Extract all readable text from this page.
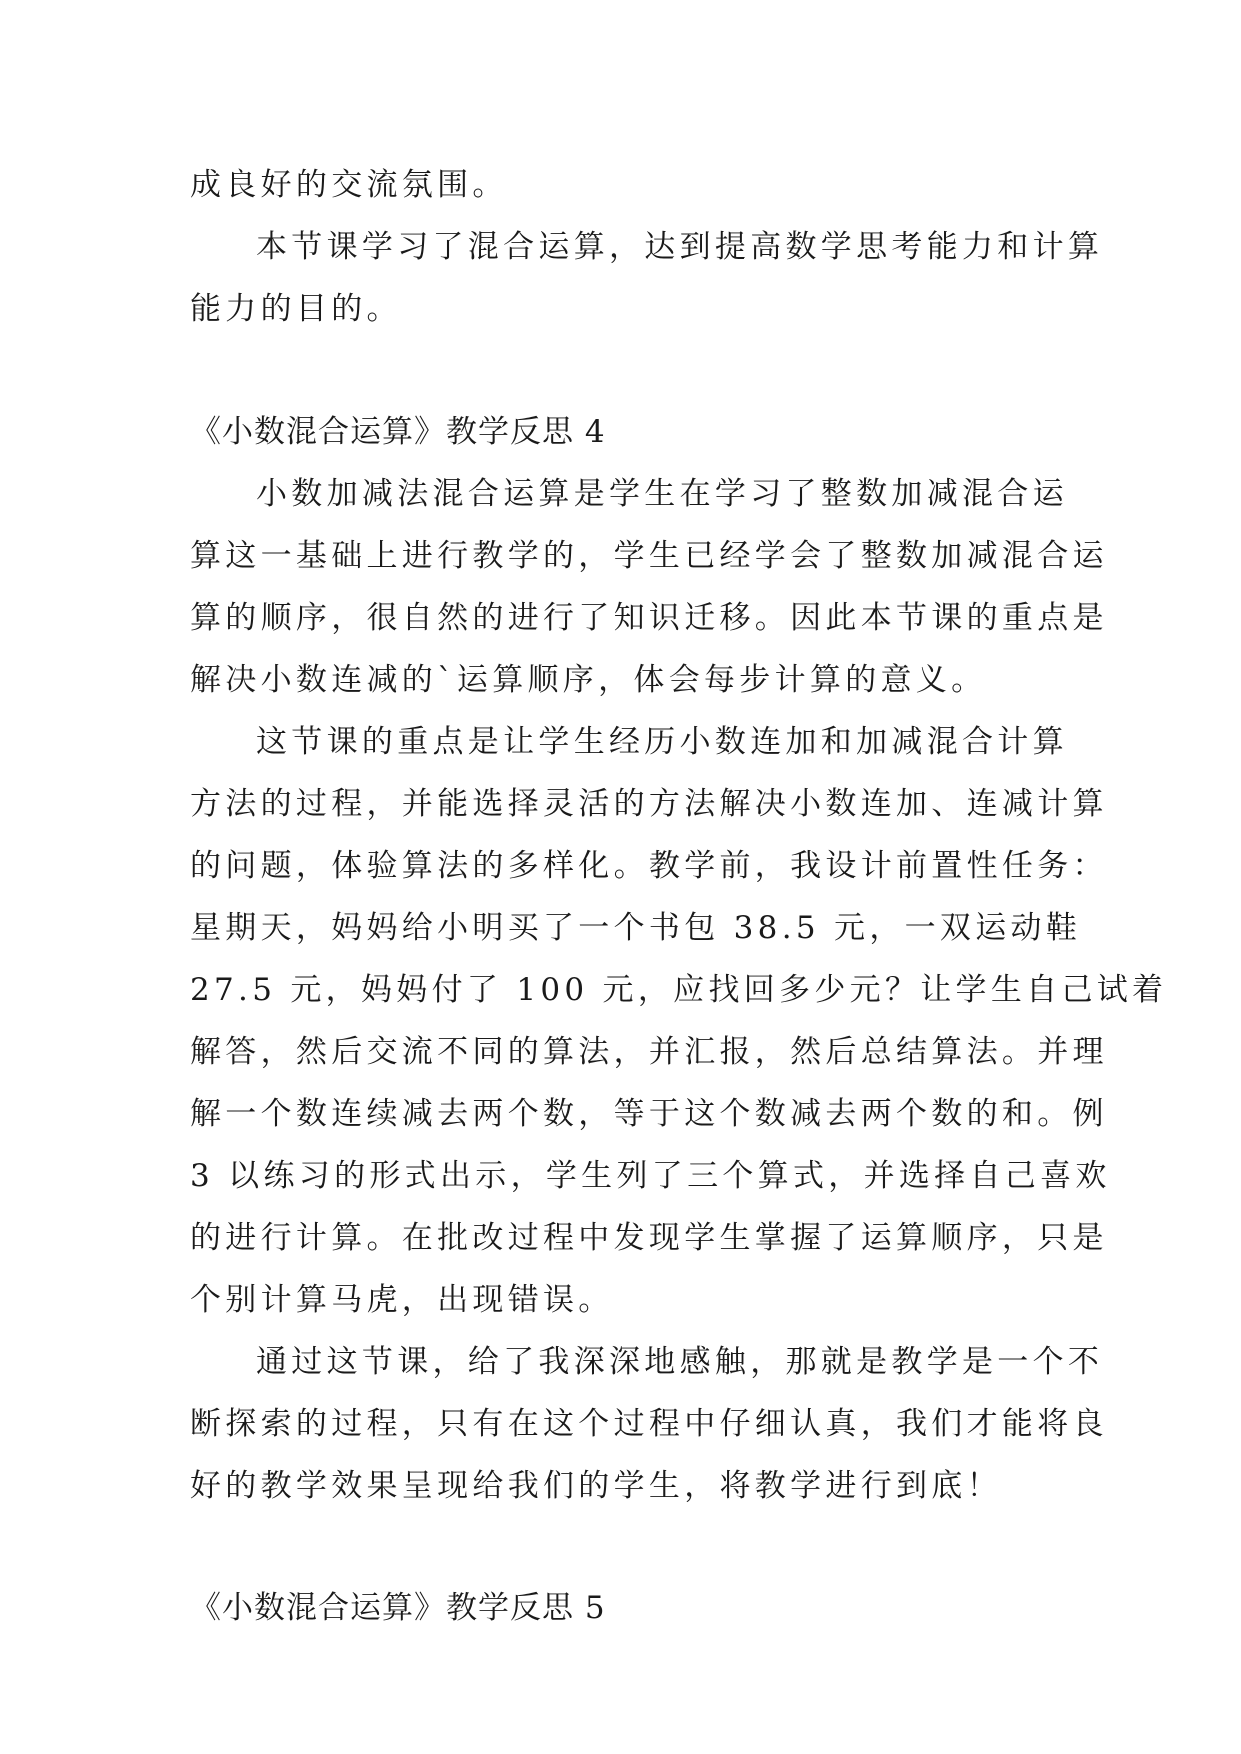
成良好的交流氛围。
本节课学习了混合运算，达到提高数学思考能力和计算
能力的目的。
《小数混合运算》教学反思 4
小数加减法混合运算是学生在学习了整数加减混合运
算这一基础上进行教学的，学生已经学会了整数加减混合运
算的顺序，很自然的进行了知识迁移。因此本节课的重点是
解决小数连减的`运算顺序，体会每步计算的意义。
这节课的重点是让学生经历小数连加和加减混合计算
方法的过程，并能选择灵活的方法解决小数连加、连减计算
的问题，体验算法的多样化。教学前，我设计前置性任务：
星期天，妈妈给小明买了一个书包 38.5 元，一双运动鞋
27.5 元，妈妈付了 100 元，应找回多少元？让学生自己试着
解答，然后交流不同的算法，并汇报，然后总结算法。并理
解一个数连续减去两个数，等于这个数减去两个数的和。例
3 以练习的形式出示，学生列了三个算式，并选择自己喜欢
的进行计算。在批改过程中发现学生掌握了运算顺序，只是
个别计算马虎，出现错误。
通过这节课，给了我深深地感触，那就是教学是一个不
断探索的过程，只有在这个过程中仔细认真，我们才能将良
好的教学效果呈现给我们的学生，将教学进行到底！
《小数混合运算》教学反思 5
